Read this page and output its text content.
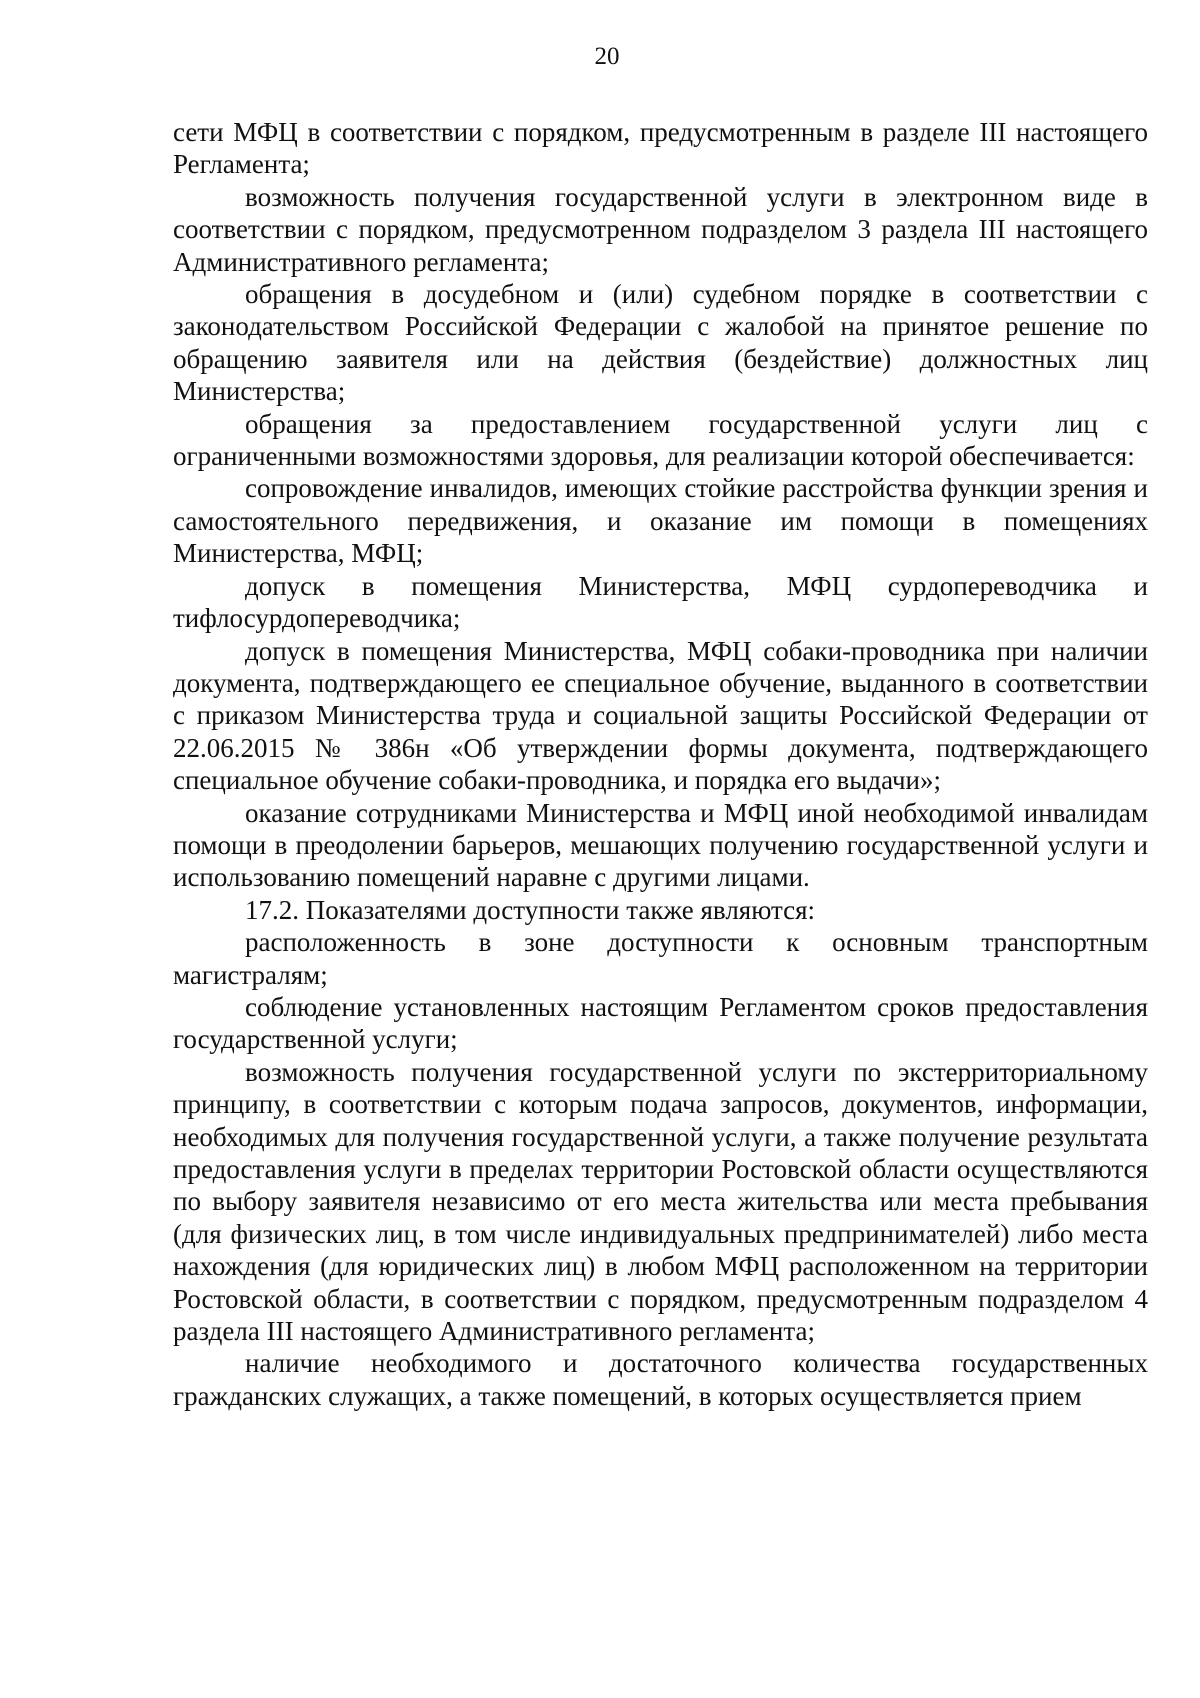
20

сети МФЦ в соответствии с порядком, предусмотренным в разделе III настоящего Регламента;

возможность получения государственной услуги в электронном виде в соответствии с порядком, предусмотренном подразделом 3 раздела III настоящего Административного регламента;

обращения в досудебном и (или) судебном порядке в соответствии с законодательством Российской Федерации с жалобой на принятое решение по обращению заявителя или на действия (бездействие) должностных лиц Министерства;

обращения за предоставлением государственной услуги лиц с ограниченными возможностями здоровья, для реализации которой обеспечивается:

сопровождение инвалидов, имеющих стойкие расстройства функции зрения и самостоятельного передвижения, и оказание им помощи в помещениях Министерства, МФЦ;

допуск в помещения Министерства, МФЦ сурдопереводчика и тифлосурдопереводчика;

допуск в помещения Министерства, МФЦ собаки-проводника при наличии документа, подтверждающего ее специальное обучение, выданного в соответствии с приказом Министерства труда и социальной защиты Российской Федерации от 22.06.2015 № 386н «Об утверждении формы документа, подтверждающего специальное обучение собаки-проводника, и порядка его выдачи»;

оказание сотрудниками Министерства и МФЦ иной необходимой инвалидам помощи в преодолении барьеров, мешающих получению государственной услуги и использованию помещений наравне с другими лицами.

17.2. Показателями доступности также являются:

расположенность в зоне доступности к основным транспортным магистралям;

соблюдение установленных настоящим Регламентом сроков предоставления государственной услуги;

возможность получения государственной услуги по экстерриториальному принципу, в соответствии с которым подача запросов, документов, информации, необходимых для получения государственной услуги, а также получение результата предоставления услуги в пределах территории Ростовской области осуществляются по выбору заявителя независимо от его места жительства или места пребывания (для физических лиц, в том числе индивидуальных предпринимателей) либо места нахождения (для юридических лиц) в любом МФЦ расположенном на территории Ростовской области, в соответствии с порядком, предусмотренным подразделом 4 раздела III настоящего Административного регламента;

наличие необходимого и достаточного количества государственных гражданских служащих, а также помещений, в которых осуществляется прием
